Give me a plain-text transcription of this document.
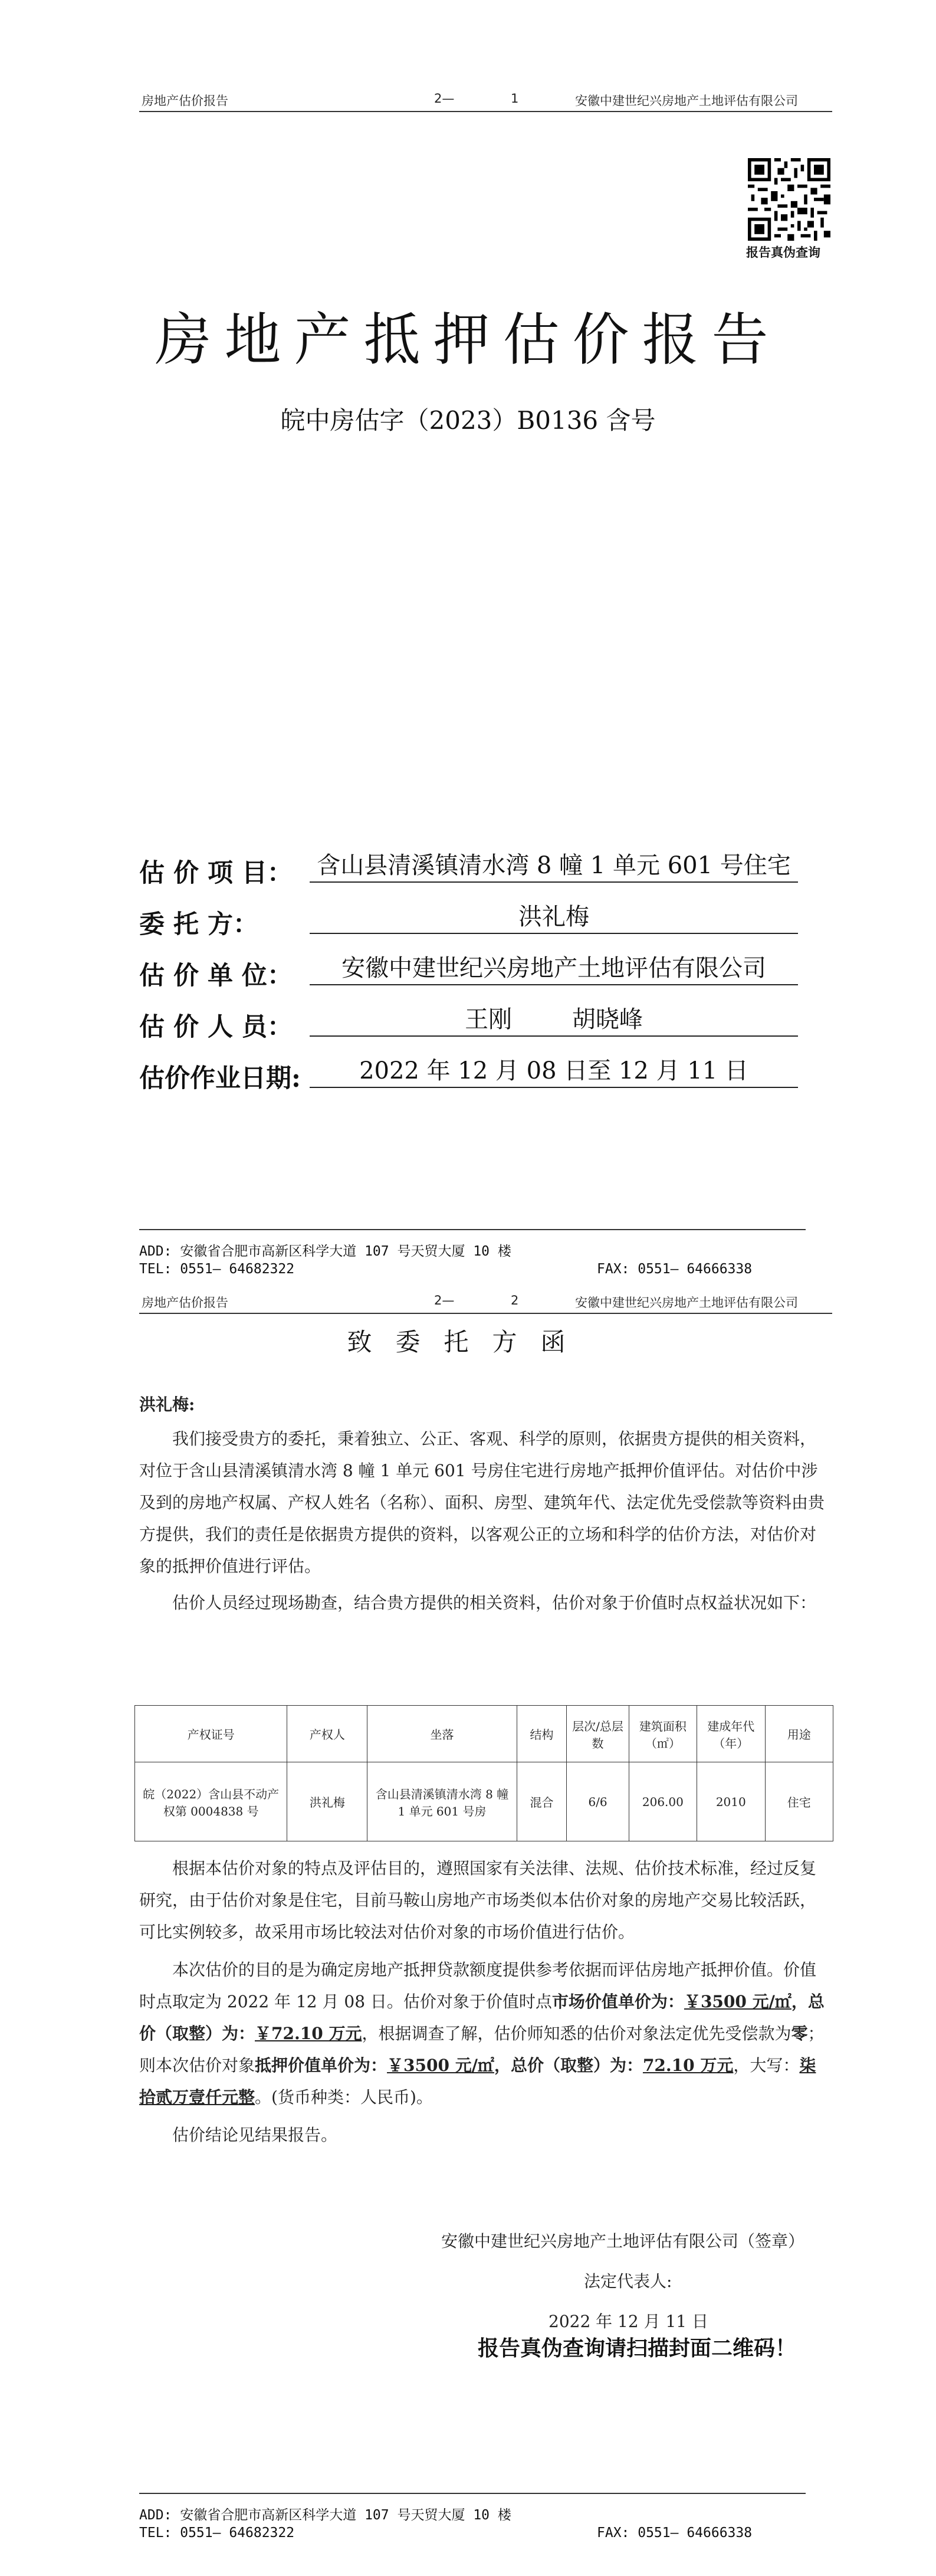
房地产估价报告	2—	1	安徽中建世纪兴房地产土地评估有限公司
报告真伪查询
房地产抵押估价报告
皖中房估字（2023）B0136 含号
估 价 项 目：	含山县清溪镇清水湾 8 幢 1 单元 601 号住宅
委 托 方：	洪礼梅
估 价 单 位：	安徽中建世纪兴房地产土地评估有限公司
估 价 人 员：	王刚        胡晓峰
估价作业日期:	2022 年 12 月 08 日至 12 月 11 日
ADD: 安徽省合肥市高新区科学大道 107 号天贸大厦 10 楼
TEL: 0551— 64682322	FAX: 0551— 64666338
房地产估价报告	2—	2	安徽中建世纪兴房地产土地评估有限公司
致委托方函
洪礼梅:

我们接受贵方的委托，秉着独立、公正、客观、科学的原则，依据贵方提供的相关资料，对位于含山县清溪镇清水湾 8 幢 1 单元 601 号房住宅进行房地产抵押价值评估。对估价中涉及到的房地产权属、产权人姓名（名称）、面积、房型、建筑年代、法定优先受偿款等资料由贵方提供，我们的责任是依据贵方提供的资料，以客观公正的立场和科学的估价方法，对估价对象的抵押价值进行评估。

估价人员经过现场勘查，结合贵方提供的相关资料，估价对象于价值时点权益状况如下：

产权证号	产权人	坐落	结构	层次/总层数	建筑面积（㎡）	建成年代（年）	用途
皖（2022）含山县不动产权第 0004838 号	洪礼梅	含山县清溪镇清水湾 8 幢 1 单元 601 号房	混合	6/6	206.00	2010	住宅

根据本估价对象的特点及评估目的，遵照国家有关法律、法规、估价技术标准，经过反复研究，由于估价对象是住宅，目前马鞍山房地产市场类似本估价对象的房地产交易比较活跃，可比实例较多，故采用市场比较法对估价对象的市场价值进行估价。

本次估价的目的是为确定房地产抵押贷款额度提供参考依据而评估房地产抵押价值。价值时点取定为 2022 年 12 月 08 日。估价对象于价值时点市场价值单价为：￥3500 元/㎡，总价（取整）为：￥72.10 万元，根据调查了解，估价师知悉的估价对象法定优先受偿款为零；则本次估价对象抵押价值单价为：￥3500 元/㎡，总价（取整）为：72.10 万元，大写：柒拾贰万壹仟元整。(货币种类：人民币)。

估价结论见结果报告。

安徽中建世纪兴房地产土地评估有限公司（签章）
法定代表人:
2022 年 12 月 11 日
报告真伪查询请扫描封面二维码！
ADD: 安徽省合肥市高新区科学大道 107 号天贸大厦 10 楼
TEL: 0551— 64682322	FAX: 0551— 64666338
